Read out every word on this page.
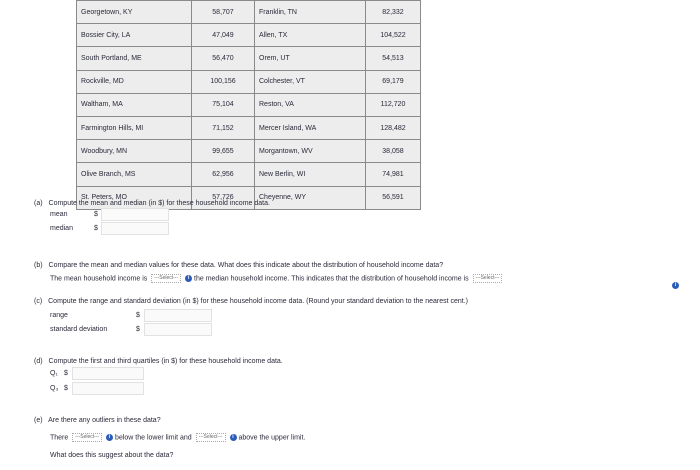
Georgetown, KY	58,707	Franklin, TN	82,332
Bossier City, LA	47,049	Allen, TX	104,522
South Portland, ME	56,470	Orem, UT	54,513
Rockville, MD	100,156	Colchester, VT	69,179
Waltham, MA	75,104	Reston, VA	112,720
Farmington Hills, MI	71,152	Mercer Island, WA	128,482
Woodbury, MN	99,655	Morgantown, WV	38,058
Olive Branch, MS	62,956	New Berlin, WI	74,981
St. Peters, MO	57,726	Cheyenne, WY	56,591
(a) Compute the mean and median (in $) for these household income data.
mean	$
median	$
(b) Compare the mean and median values for these data. What does this indicate about the distribution of household income data?
The mean household income is ---Select--- i the median household income. This indicates that the distribution of household income is ---Select---
i
(c) Compute the range and standard deviation (in $) for these household income data. (Round your standard deviation to the nearest cent.)
range	$
standard deviation	$
(d) Compute the first and third quartiles (in $) for these household income data.
Q₁ $
Q₃ $
(e) Are there any outliers in these data?
There ---Select--- i below the lower limit and ---Select--- i above the upper limit.
What does this suggest about the data?
